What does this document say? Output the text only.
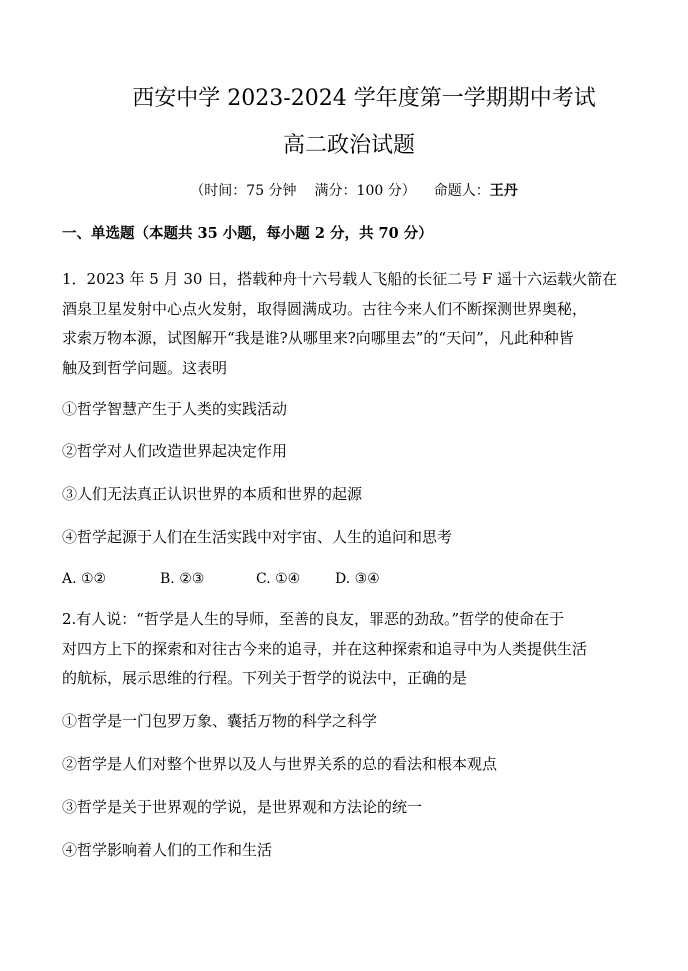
西安中学 2023-2024 学年度第一学期期中考试
高二政治试题
（时间：75 分钟 满分：100 分） 命题人：王丹
一、单选题（本题共 35 小题，每小题 2 分，共 70 分）
1．2023 年 5 月 30 日，搭载种舟十六号载人飞船的长征二号 F 遥十六运载火箭在
酒泉卫星发射中心点火发射，取得圆满成功。古往今来人们不断探测世界奥秘，
求索万物本源，试图解开“我是谁?从哪里来?向哪里去”的“天问”，凡此种种皆
触及到哲学问题。这表明
①哲学智慧产生于人类的实践活动
②哲学对人们改造世界起决定作用
③人们无法真正认识世界的本质和世界的起源
④哲学起源于人们在生活实践中对宇宙、人生的追问和思考
A. ①②	B. ②③	C. ①④ D. ③④
2.有人说：“哲学是人生的导师，至善的良友，罪恶的劲敌。”哲学的使命在于
对四方上下的探索和对往古今来的追寻，并在这种探索和追寻中为人类提供生活
的航标，展示思维的行程。下列关于哲学的说法中，正确的是
①哲学是一门包罗万象、囊括万物的科学之科学
②哲学是人们对整个世界以及人与世界关系的总的看法和根本观点
③哲学是关于世界观的学说，是世界观和方法论的统一
④哲学影响着人们的工作和生活
